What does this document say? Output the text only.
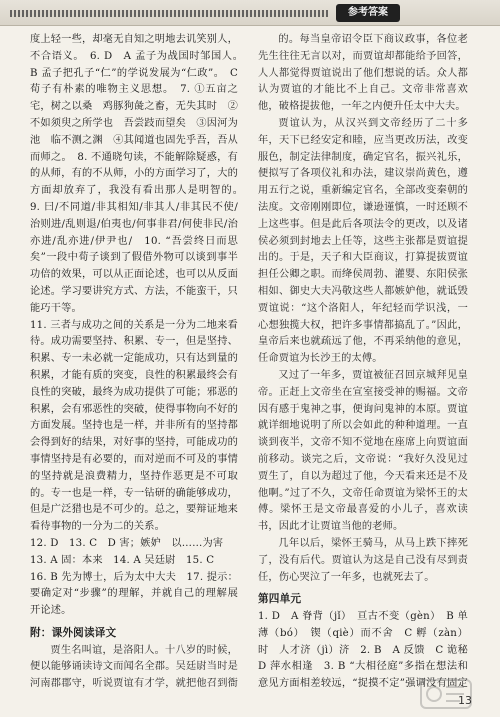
参考答案

度上轻一些，却毫无自知之明地去讥笑别人，不合语义。　6. D　A 孟子为战国时邹国人。　B 孟子把孔子“仁”的学说发展为“仁政”。　C 荀子有朴素的唯物主义思想。　7. ①五亩之宅，树之以桑　鸡豚狗彘之畜，无失其时　②不如须臾之所学也　吾尝跂而望矣　③因河为池　临不测之渊　④其闻道也固先乎吾，吾从而师之。　8. 不通晓句读，不能解除疑惑，有的从师，有的不从师，小的方面学习了，大的方面却放弃了，我没有看出那人是明智的。　9. 曰/不同道/非其相知/非其人/非其民不使/治则进/乱则退/伯夷也/何事非君/何使非民/治亦进/乱亦进/伊尹也/　10. “吾尝终日而思矣”一段中荀子谈到了假借外物可以谈到事半功倍的效果，可以从正面论述，也可以从反面论述。学习要讲究方式、方法，不能蛮干，只能巧干等。

11. 三者与成功之间的关系是一分为二地来看待。成功需要坚持、积累、专一，但是坚持、积累、专一未必就一定能成功，只有达到量的积累，才能有质的突变，良性的积累最终会有良性的突破，最终为成功提供了可能；邪恶的积累，会有邪恶性的突破，使得事物向不好的方面发展。坚持也是一样，并非所有的坚持都会得到好的结果，对好事的坚持，可能成功的事情坚持是有必要的，而对逆而不可及的事情的坚持就是浪费精力，坚持作恶更是不可取的。专一也是一样，专一钻研的确能够成功，但是广泛猎也是不可少的。总之，要辩证地来看待事物的一分为二的关系。

12. D　13. C　D 害；嫉妒　以……为害

13. A 固：本来　14. A 吴廷尉　15. C

16. B 先为博士，后为太中大夫　17. 提示：要确定对“步骤”的理解，并就自己的理解展开论述。

附：课外阅读译文

贾生名叫谊，是洛阳人。十八岁的时候，便以能够诵读诗文而闻名全郡。吴廷尉当时是河南郡郡守，听说贾谊有才学，就把他召到衙

的。每当皇帝诏令臣下商议政事，各位老先生往往无言以对，而贾谊却都能给予回答，人人都觉得贾谊说出了他们想说的话。众人都认为贾谊的才能比不上自己。文帝非常喜欢他，破格提拔他，一年之内便升任太中大夫。

贾谊认为，从汉兴到文帝经历了二十多年，天下已经安定和睦，应当更改历法，改变服色，制定法律制度，确定官名，振兴礼乐，便拟写了各项仪礼和办法，建议崇尚黄色，遵用五行之说，重新编定官名，全部改变秦朝的法度。文帝刚刚即位，谦逊谨慎，一时还顾不上这些事。但是此后各项法令的更改，以及诸侯必须到封地去上任等，这些主张都是贾谊提出的。于是，天子和大臣商议，打算提拔贾谊担任公卿之职。而绛侯周勃、灌婴、东阳侯张相如、御史大夫冯敬这些人都嫉妒他，就诋毁贾谊说：“这个洛阳人，年纪轻而学识浅，一心想独揽大权，把许多事情都搞乱了。”因此，皇帝后来也就疏远了他，不再采纳他的意见，任命贾谊为长沙王的太傅。

又过了一年多，贾谊被征召回京城拜见皇帝。正赶上文帝坐在宣室接受神的赐福。文帝因有感于鬼神之事，便询问鬼神的本原。贾谊就详细地说明了所以会如此的种种道理。一直谈到夜半，文帝不知不觉地在座席上向贾谊面前移动。谈完之后，文帝说：“我好久没见过贾生了，自以为超过了他，今天看来还是不及他啊。”过了不久，文帝任命贾谊为梁怀王的太傅。梁怀王是文帝最喜爱的小儿子，喜欢读书，因此才让贾谊当他的老师。

几年以后，梁怀王骑马，从马上跌下摔死了，没有后代。贾谊认为这是自己没有尽到责任，伤心哭泣了一年多，也就死去了。

第四单元

1. D　A 脊背（jǐ）　亘古不变（gèn）　B 单薄（bó）　锲（qiè）而不舍　C 孵（zàn）时　人才济（jì）济　2. B　A 反馈　C 诡秘　D 萍水相逢　3. B “大相径庭”多指在想法和意见方面相差较远，“捉摸不定”强调没有固定　 　　 　 　 　 　

13
